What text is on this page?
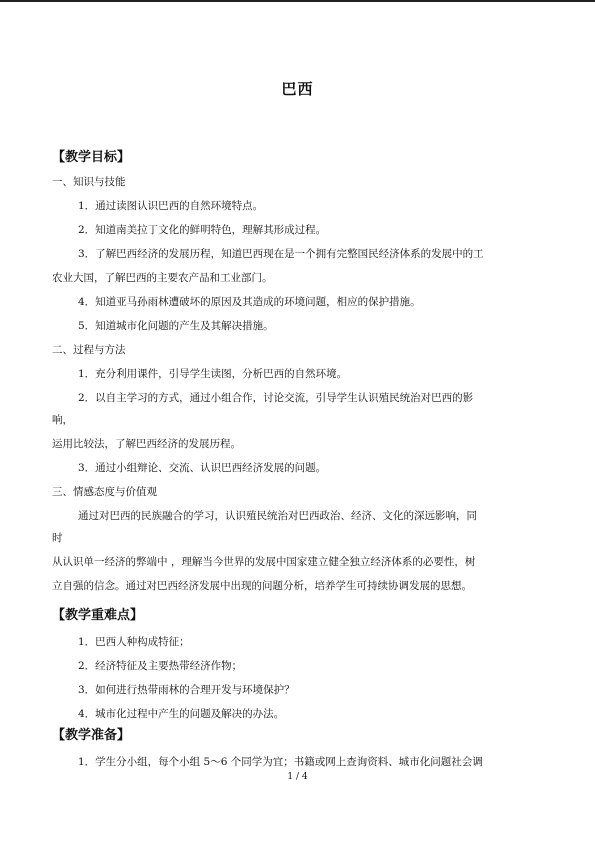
巴西
【教学目标】
一、知识与技能
1．通过读图认识巴西的自然环境特点。
2．知道南美拉丁文化的鲜明特色，理解其形成过程。
3．了解巴西经济的发展历程，知道巴西现在是一个拥有完整国民经济体系的发展中的工
农业大国，了解巴西的主要农产品和工业部门。
4．知道亚马孙雨林遭破坏的原因及其造成的环境问题，相应的保护措施。
5．知道城市化问题的产生及其解决措施。
二、过程与方法
1．充分利用课件，引导学生读图，分析巴西的自然环境。
2．以自主学习的方式，通过小组合作，讨论交流，引导学生认识殖民统治对巴西的影
响，
运用比较法，了解巴西经济的发展历程。
3．通过小组辩论、交流、认识巴西经济发展的问题。
三、情感态度与价值观
通过对巴西的民族融合的学习，认识殖民统治对巴西政治、经济、文化的深远影响，同
时
从认识单一经济的弊端中 ，理解当今世界的发展中国家建立健全独立经济体系的必要性，树
立自强的信念。通过对巴西经济发展中出现的问题分析，培养学生可持续协调发展的思想。
【教学重难点】
1．巴西人种构成特征；
2．经济特征及主要热带经济作物；
3．如何进行热带雨林的合理开发与环境保护？
4．城市化过程中产生的问题及解决的办法。
【教学准备】
1．学生分小组，每个小组 5～6 个同学为宜；书籍或网上查询资料、城市化问题社会调
1 / 4
